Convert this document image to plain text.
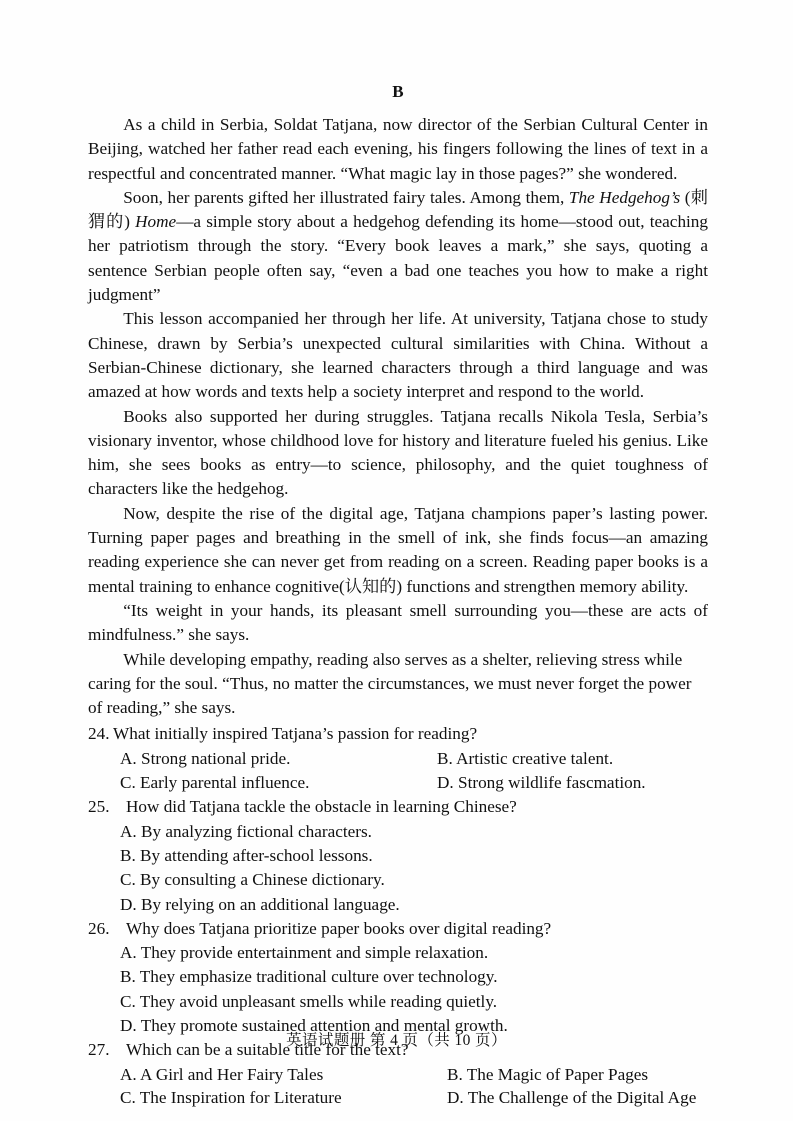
B

As a child in Serbia, Soldat Tatjana, now director of the Serbian Cultural Center in Beijing, watched her father read each evening, his fingers following the lines of text in a respectful and concentrated manner. “What magic lay in those pages?” she wondered.

Soon, her parents gifted her illustrated fairy tales. Among them, The Hedgehog’s (刺猬的) Home—a simple story about a hedgehog defending its home—stood out, teaching her patriotism through the story. “Every book leaves a mark,” she says, quoting a sentence Serbian people often say, “even a bad one teaches you how to make a right judgment”

This lesson accompanied her through her life. At university, Tatjana chose to study Chinese, drawn by Serbia’s unexpected cultural similarities with China. Without a Serbian-Chinese dictionary, she learned characters through a third language and was amazed at how words and texts help a society interpret and respond to the world.

Books also supported her during struggles. Tatjana recalls Nikola Tesla, Serbia’s visionary inventor, whose childhood love for history and literature fueled his genius. Like him, she sees books as entry—to science, philosophy, and the quiet toughness of characters like the hedgehog.

Now, despite the rise of the digital age, Tatjana champions paper’s lasting power. Turning paper pages and breathing in the smell of ink, she finds focus—an amazing reading experience she can never get from reading on a screen. Reading paper books is a mental training to enhance cognitive(认知的) functions and strengthen memory ability.

“Its weight in your hands, its pleasant smell surrounding you—these are acts of mindfulness.” she says.

While developing empathy, reading also serves as a shelter, relieving stress while caring for the soul. “Thus, no matter the circumstances, we must never forget the power of reading,” she says.

24. What initially inspired Tatjana’s passion for reading?
A. Strong national pride.	B. Artistic creative talent.
C. Early parental influence.	D. Strong wildlife fascmation.
25. How did Tatjana tackle the obstacle in learning Chinese?
A. By analyzing fictional characters.
B. By attending after-school lessons.
C. By consulting a Chinese dictionary.
D. By relying on an additional language.
26. Why does Tatjana prioritize paper books over digital reading?
A. They provide entertainment and simple relaxation.
B. They emphasize traditional culture over technology.
C. They avoid unpleasant smells while reading quietly.
D. They promote sustained attention and mental growth.
27. Which can be a suitable title for the text?
A. A Girl and Her Fairy Tales	B. The Magic of Paper Pages
C. The Inspiration for Literature	D. The Challenge of the Digital Age
英语试题册 第 4 页（共 10 页）
